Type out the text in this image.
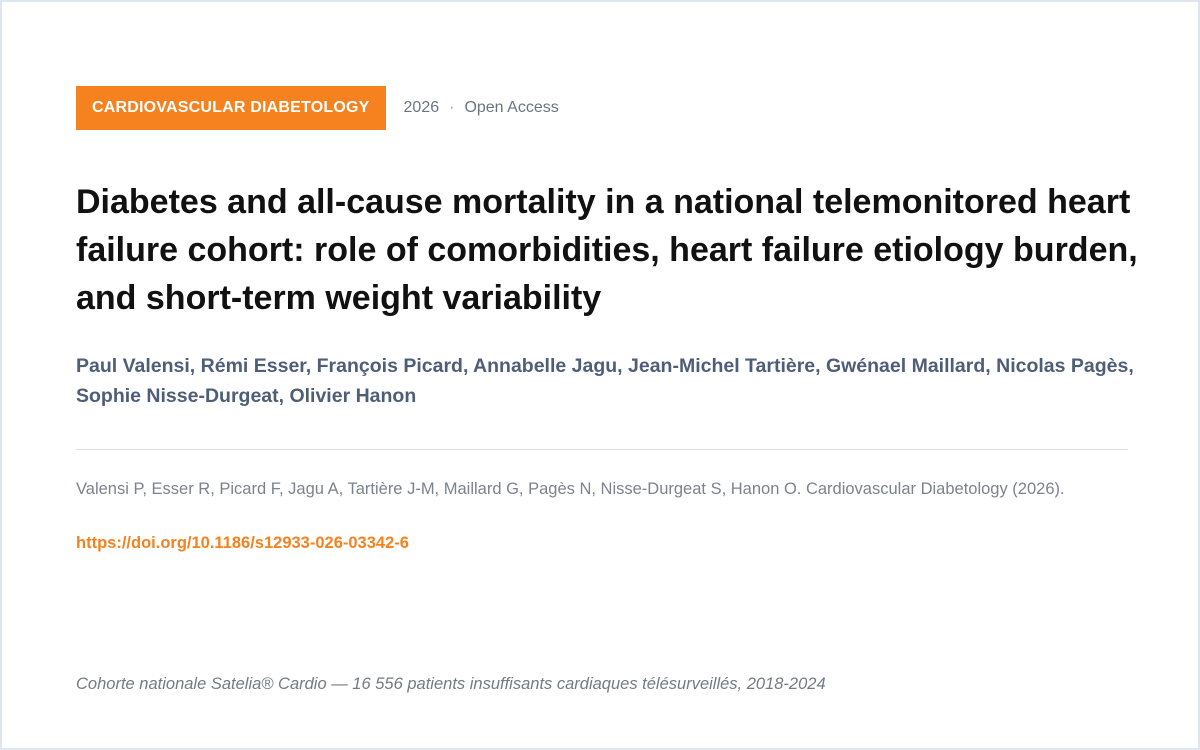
CARDIOVASCULAR DIABETOLOGY	2026 · Open Access
Diabetes and all-cause mortality in a national telemonitored heart failure cohort: role of comorbidities, heart failure etiology burden, and short-term weight variability

Paul Valensi, Rémi Esser, François Picard, Annabelle Jagu, Jean-Michel Tartière, Gwénael Maillard, Nicolas Pagès, Sophie Nisse-Durgeat, Olivier Hanon

Valensi P, Esser R, Picard F, Jagu A, Tartière J-M, Maillard G, Pagès N, Nisse-Durgeat S, Hanon O. Cardiovascular Diabetology (2026).

https://doi.org/10.1186/s12933-026-03342-6

Cohorte nationale Satelia® Cardio — 16 556 patients insuffisants cardiaques télésurveillés, 2018-2024
